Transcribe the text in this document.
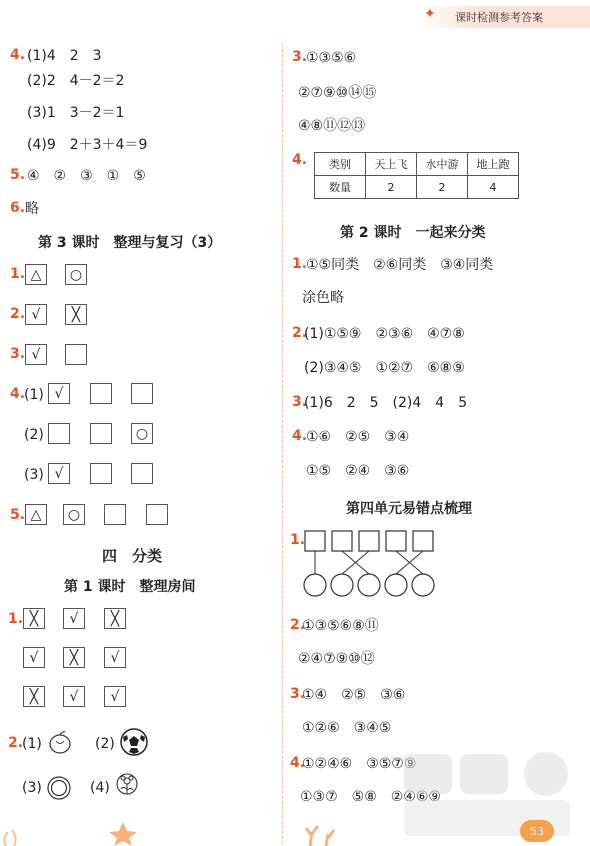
✦ 课时检测参考答案
4. (1)4　2　3
(2)2　4－2＝2
(3)1　3－2＝1
(4)9　2＋3＋4＝9
5. ④　②　③　①　⑤
6. 略
第 3 课时　整理与复习（3）
1. △ ○
2. √ ╳
3. √
4.
(1) √
(2)	○
(3) √
5. △ ○
四　分类
第 1 课时　整理房间
1. ╳ √ ╳
√ ╳ √
╳ √ √
2.
(1)	(2)
(3)	(4)
3.
①③⑤⑥
②⑦⑨⑩⑭⑮
④⑧⑪⑫⑬
4. 类别	天上飞	水中游	地上跑
数量	2	2	4
第 2 课时　一起来分类
1.
①⑤同类　②⑥同类　③④同类
涂色略
2.
(1)①⑤⑨　②③⑥　④⑦⑧
(2)③④⑤　①②⑦　⑥⑧⑨
3.
(1)6　2　5　(2)4　4　5
4.
①⑥　②⑤　③④
①⑤　②④　③⑥
第四单元易错点梳理
1.
2.
①③⑤⑥⑧⑪
②④⑦⑨⑩⑫
3.
①④　②⑤　③⑥
①②⑥　③④⑤
4.
①②④⑥　③⑤⑦⑨
①③⑦　⑤⑧　②④⑥⑨
53
